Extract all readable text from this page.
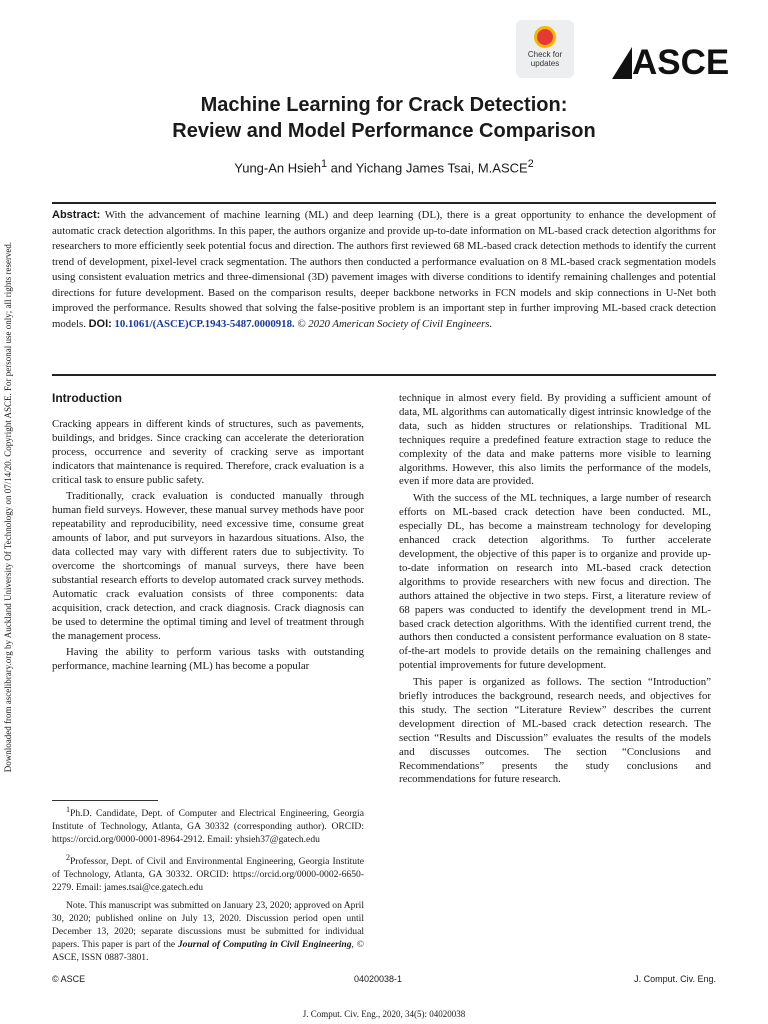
Downloaded from ascelibrary.org by Auckland University Of Technology on 07/14/20. Copyright ASCE. For personal use only; all rights reserved.
Check for
updates	ASCE
Machine Learning for Crack Detection:
Review and Model Performance Comparison
Yung-An Hsieh$^1$ and Yichang James Tsai, M.ASCE$^2$
Abstract: With the advancement of machine learning (ML) and deep learning (DL), there is a great opportunity to enhance the development of automatic crack detection algorithms. In this paper, the authors organize and provide up-to-date information on ML-based crack detection algorithms for researchers to more efficiently seek potential focus and direction. The authors first reviewed 68 ML-based crack detection methods to identify the current trend of development, pixel-level crack segmentation. The authors then conducted a performance evaluation on 8 ML-based crack segmentation models using consistent evaluation metrics and three-dimensional (3D) pavement images with diverse conditions to identify remaining challenges and potential directions for future development. Based on the comparison results, deeper backbone networks in FCN models and skip connections in U-Net both improved the performance. Results showed that solving the false-positive problem is an important step in further improving ML-based crack detection models. DOI: 10.1061/(ASCE)CP.1943-5487.0000918. © 2020 American Society of Civil Engineers.
Introduction

Cracking appears in different kinds of structures, such as pavements, buildings, and bridges. Since cracking can accelerate the deterioration process, occurrence and severity of cracking serve as important indicators that maintenance is required. Therefore, crack evaluation is a critical task to ensure public safety.

Traditionally, crack evaluation is conducted manually through human field surveys. However, these manual survey methods have poor repeatability and reproducibility, need excessive time, consume great amounts of labor, and put surveyors in hazardous situations. Also, the data collected may vary with different raters due to subjectivity. To overcome the shortcomings of manual surveys, there have been substantial research efforts to develop automated crack survey methods. Automatic crack evaluation consists of three components: data acquisition, crack detection, and crack diagnosis. Crack diagnosis can be used to determine the optimal timing and level of treatment through the management process.

Having the ability to perform various tasks with outstanding performance, machine learning (ML) has become a popular

$^1$Ph.D. Candidate, Dept. of Computer and Electrical Engineering, Georgia Institute of Technology, Atlanta, GA 30332 (corresponding author). ORCID: https://orcid.org/0000-0001-8964-2912. Email: yhsieh37@gatech.edu

$^2$Professor, Dept. of Civil and Environmental Engineering, Georgia Institute of Technology, Atlanta, GA 30332. ORCID: https://orcid.org/0000-0002-6650-2279. Email: james.tsai@ce.gatech.edu

Note. This manuscript was submitted on January 23, 2020; approved on April 30, 2020; published online on July 13, 2020. Discussion period open until December 13, 2020; separate discussions must be submitted for individual papers. This paper is part of the Journal of Computing in Civil Engineering, © ASCE, ISSN 0887-3801.

technique in almost every field. By providing a sufficient amount of data, ML algorithms can automatically digest intrinsic knowledge of the data, such as hidden structures or relationships. Traditional ML techniques require a predefined feature extraction stage to reduce the complexity of the data and make patterns more visible to learning algorithms. However, this also limits the performance of the models, even if more data are provided.

With the success of the ML techniques, a large number of research efforts on ML-based crack detection have been conducted. ML, especially DL, has become a mainstream technology for developing enhanced crack detection algorithms. To further accelerate development, the objective of this paper is to organize and provide up-to-date information on research into ML-based crack detection algorithms to provide researchers with new focus and direction. The authors attained the objective in two steps. First, a literature review of 68 papers was conducted to identify the development trend in ML-based crack detection algorithms. With the identified current trend, the authors then conducted a consistent performance evaluation on 8 state-of-the-art models to provide details on the remaining challenges and potential improvements for future development.

This paper is organized as follows. The section “Introduction” briefly introduces the background, research needs, and objectives for this study. The section “Literature Review” describes the current development direction of ML-based crack detection research. The section “Results and Discussion” evaluates the results of the models and discusses outcomes. The section “Conclusions and Recommendations” presents the study conclusions and recommendations for future research.

© ASCE	04020038-1	J. Comput. Civ. Eng.
J. Comput. Civ. Eng., 2020, 34(5): 04020038
